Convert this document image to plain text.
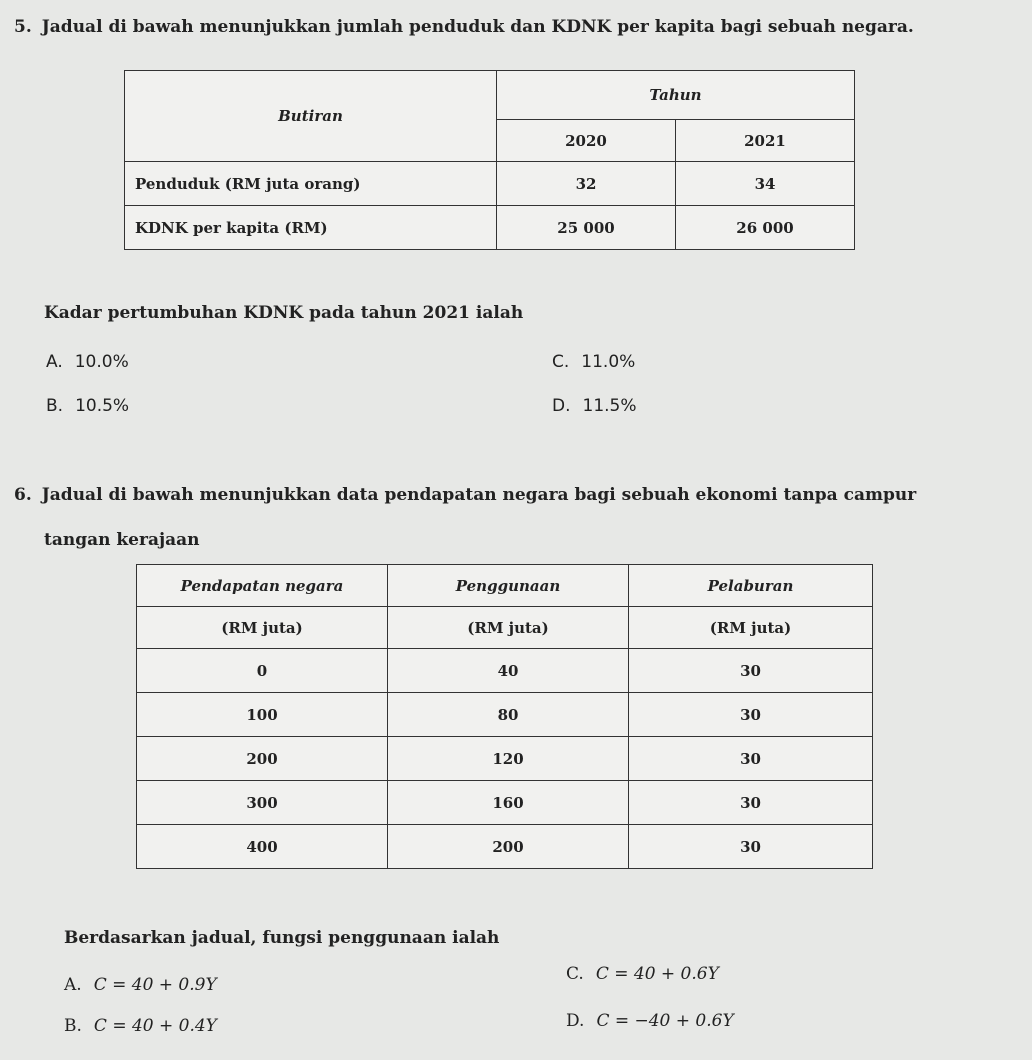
5. Jadual di bawah menunjukkan jumlah penduduk dan KDNK per kapita bagi sebuah negara.
Butiran	Tahun	
	2020	2021
Penduduk (RM juta orang)	32	34
KDNK per kapita (RM)	25 000	26 000
Kadar pertumbuhan KDNK pada tahun 2021 ialah
A. 10.0%
B. 10.5%
C. 11.0%
D. 11.5%
6. Jadual di bawah menunjukkan data pendapatan negara bagi sebuah ekonomi tanpa campur
tangan kerajaan
Pendapatan negara	Penggunaan	Pelaburan
(RM juta)	(RM juta)	(RM juta)
0	40	30
100	80	30
200	120	30
300	160	30
400	200	30
Berdasarkan jadual, fungsi penggunaan ialah
A. C = 40 + 0.9Y
B. C = 40 + 0.4Y
C. C = 40 + 0.6Y
D. C = −40 + 0.6Y
